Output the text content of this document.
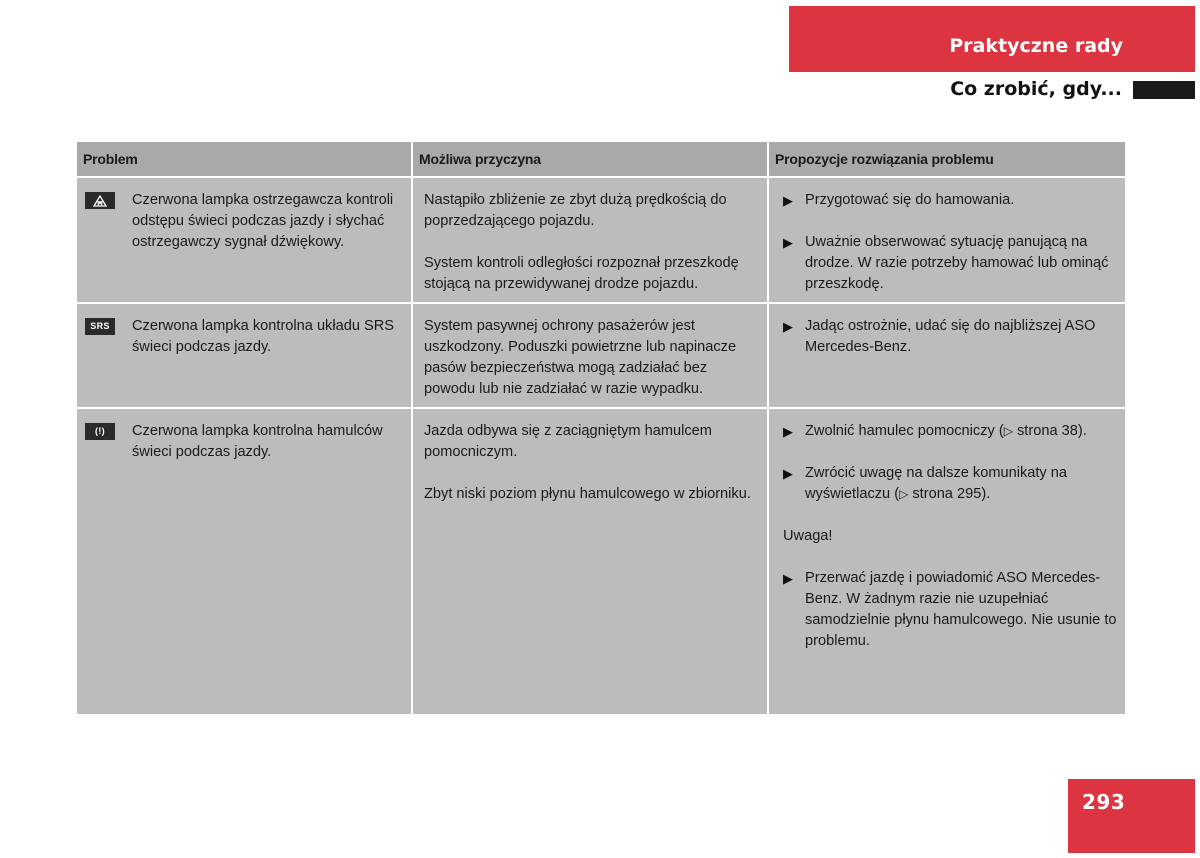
Praktyczne rady
Co zrobić, gdy...
Problem
Czerwona lampka ostrzegawcza kontroli odstępu świeci podczas jazdy i słychać ostrzegawczy sygnał dźwiękowy.
SRS	Czerwona lampka kontrolna układu SRS świeci podczas jazdy.
(!)	Czerwona lampka kontrolna hamulców świeci podczas jazdy.
Możliwa przyczyna

Nastąpiło zbliżenie ze zbyt dużą prędkością do poprzedzającego pojazdu.

System kontroli odległości rozpoznał przeszkodę stojącą na przewidywanej drodze pojazdu.

System pasywnej ochrony pasażerów jest uszkodzony. Poduszki powietrzne lub napinacze pasów bezpieczeństwa mogą zadziałać bez powodu lub nie zadziałać w razie wypadku.

Jazda odbywa się z zaciągniętym hamulcem pomocniczym.

Zbyt niski poziom płynu hamulcowego w zbiorniku.

Propozycje rozwiązania problemu
▶ Przygotować się do hamowania.
▶ Uważnie obserwować sytuację panującą na drodze. W razie potrzeby hamować lub ominąć przeszkodę.
▶ Jadąc ostrożnie, udać się do najbliższej ASO Mercedes-Benz.
▶ Zwolnić hamulec pomocniczy (▷ strona 38).
▶ Zwrócić uwagę na dalsze komunikaty na wyświetlaczu (▷ strona 295).
Uwaga!
▶ Przerwać jazdę i powiadomić ASO Mercedes-Benz. W żadnym razie nie uzupełniać samodzielnie płynu hamulcowego. Nie usunie to problemu.
293
